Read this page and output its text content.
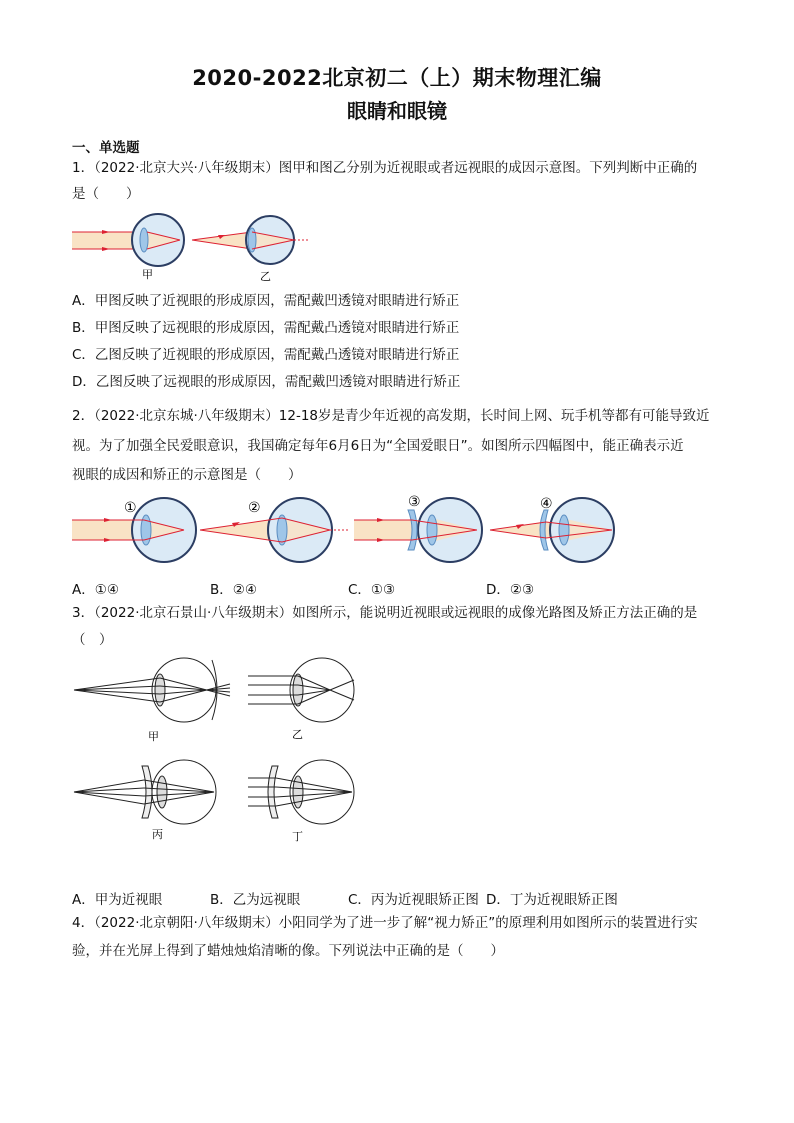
2020-2022北京初二（上）期末物理汇编
眼睛和眼镜
一、单选题
1．（2022·北京大兴·八年级期末）图甲和图乙分别为近视眼或者远视眼的成因示意图。下列判断中正确的
是（　　）
甲	乙
A．甲图反映了近视眼的形成原因，需配戴凹透镜对眼睛进行矫正
B．甲图反映了远视眼的形成原因，需配戴凸透镜对眼睛进行矫正
C．乙图反映了近视眼的形成原因，需配戴凸透镜对眼睛进行矫正
D．乙图反映了远视眼的形成原因，需配戴凹透镜对眼睛进行矫正
2．（2022·北京东城·八年级期末）12-18岁是青少年近视的高发期，长时间上网、玩手机等都有可能导致近
视。为了加强全民爱眼意识，我国确定每年6月6日为“全国爱眼日”。如图所示四幅图中，能正确表示近
视眼的成因和矫正的示意图是（　　）
①	②	③	④
A．①④	B．②④	C．①③	D．②③
3．（2022·北京石景山·八年级期末）如图所示，能说明近视眼或远视眼的成像光路图及矫正方法正确的是
（　）
甲	乙
丙	丁
A．甲为近视眼	B．乙为远视眼	C．丙为近视眼矫正图 D．丁为近视眼矫正图
4．（2022·北京朝阳·八年级期末）小阳同学为了进一步了解“视力矫正”的原理利用如图所示的装置进行实
验，并在光屏上得到了蜡烛烛焰清晰的像。下列说法中正确的是（　　）
